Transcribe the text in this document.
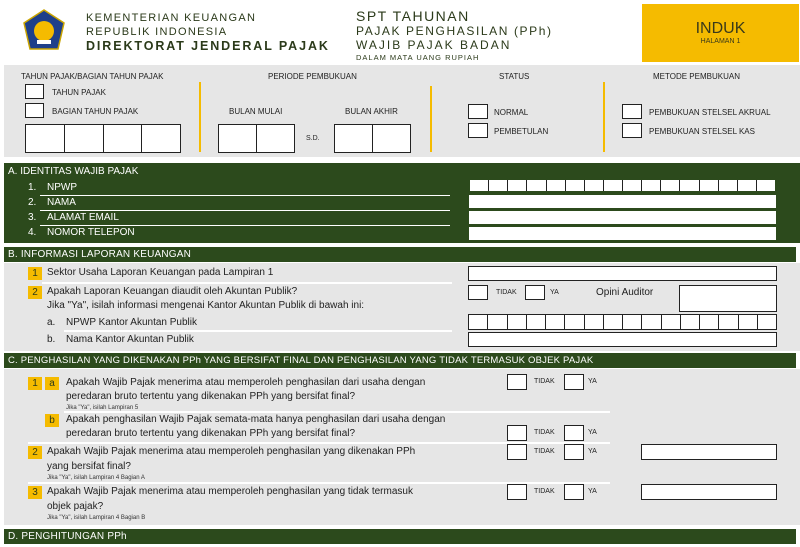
KEMENTERIAN KEUANGAN
REPUBLIK INDONESIA
DIREKTORAT JENDERAL PAJAK
SPT TAHUNAN
PAJAK PENGHASILAN (PPh)
WAJIB PAJAK BADAN
DALAM MATA UANG RUPIAH
INDUK
HALAMAN 1
TAHUN PAJAK/BAGIAN TAHUN PAJAK
TAHUN PAJAK
BAGIAN TAHUN PAJAK
PERIODE PEMBUKUAN
BULAN MULAI	BULAN AKHIR
S.D.
STATUS
NORMAL
PEMBETULAN
METODE PEMBUKUAN
PEMBUKUAN STELSEL AKRUAL
PEMBUKUAN STELSEL KAS
A. IDENTITAS WAJIB PAJAK
1. NPWP
2. NAMA
3. ALAMAT EMAIL
4. NOMOR TELEPON
B. INFORMASI LAPORAN KEUANGAN
1 Sektor Usaha Laporan Keuangan pada Lampiran 1
2 Apakah Laporan Keuangan diaudit oleh Akuntan Publik?
Jika "Ya", isilah informasi mengenai Kantor Akuntan Publik di bawah ini:
TIDAK	YA	Opini Auditor
a. NPWP Kantor Akuntan Publik
b. Nama Kantor Akuntan Publik
C. PENGHASILAN YANG DIKENAKAN PPh YANG BERSIFAT FINAL DAN PENGHASILAN YANG TIDAK TERMASUK OBJEK PAJAK
1	a	Apakah Wajib Pajak menerima atau memperoleh penghasilan dari usaha dengan
peredaran bruto tertentu yang dikenakan PPh yang bersifat final?
Jika "Ya", isilah Lampiran 5
TIDAK	YA
b	Apakah penghasilan Wajib Pajak semata-mata hanya penghasilan dari usaha dengan
peredaran bruto tertentu yang dikenakan PPh yang bersifat final?	TIDAK	YA
2 Apakah Wajib Pajak menerima atau memperoleh penghasilan yang dikenakan PPh
yang bersifat final?
Jika "Ya", isilah Lampiran 4 Bagian A
TIDAK	YA
3 Apakah Wajib Pajak menerima atau memperoleh penghasilan yang tidak termasuk
objek pajak?
Jika "Ya", isilah Lampiran 4 Bagian B
TIDAK	YA
D. PENGHITUNGAN PPh
